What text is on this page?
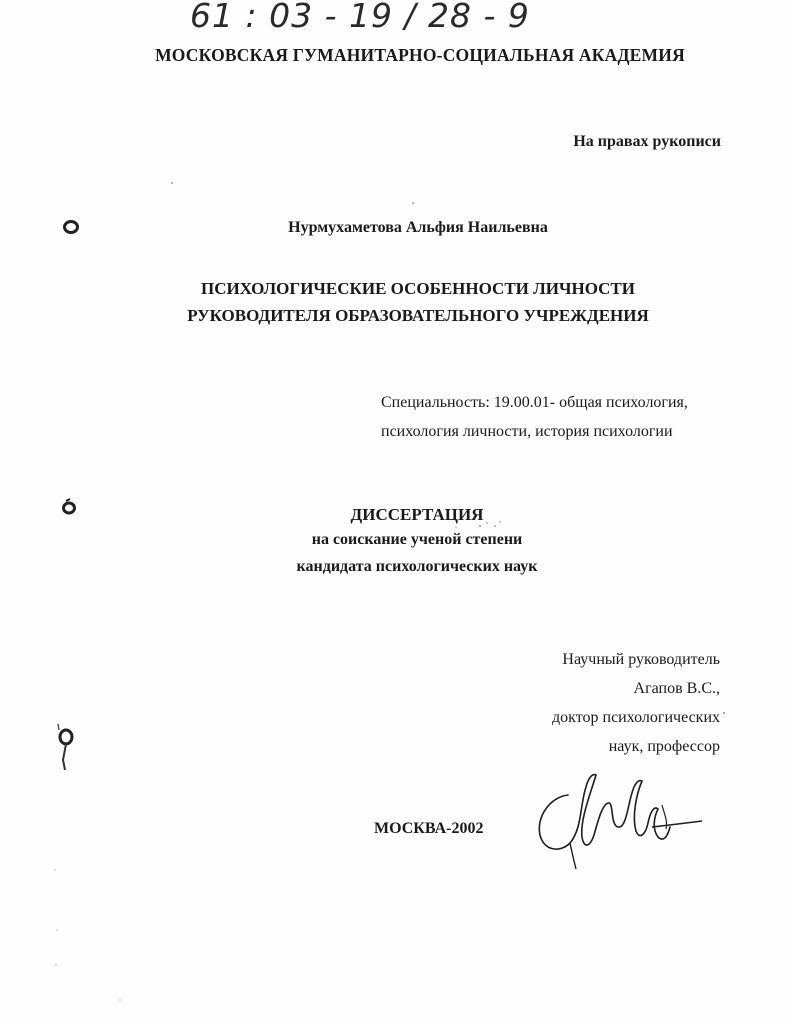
61 : 03 - 19 / 28 - 9
МОСКОВСКАЯ ГУМАНИТАРНО-СОЦИАЛЬНАЯ АКАДЕМИЯ
На правах рукописи
Нурмухаметова Альфия Наильевна
ПСИХОЛОГИЧЕСКИЕ ОСОБЕННОСТИ ЛИЧНОСТИ
РУКОВОДИТЕЛЯ ОБРАЗОВАТЕЛЬНОГО УЧРЕЖДЕНИЯ
Специальность: 19.00.01- общая психология,
психология личности, история психологии
ДИССЕРТАЦИЯ
на соискание ученой степени
кандидата психологических наук
Научный руководитель
Агапов В.С.,
доктор психологических
наук, профессор
МОСКВА-2002
